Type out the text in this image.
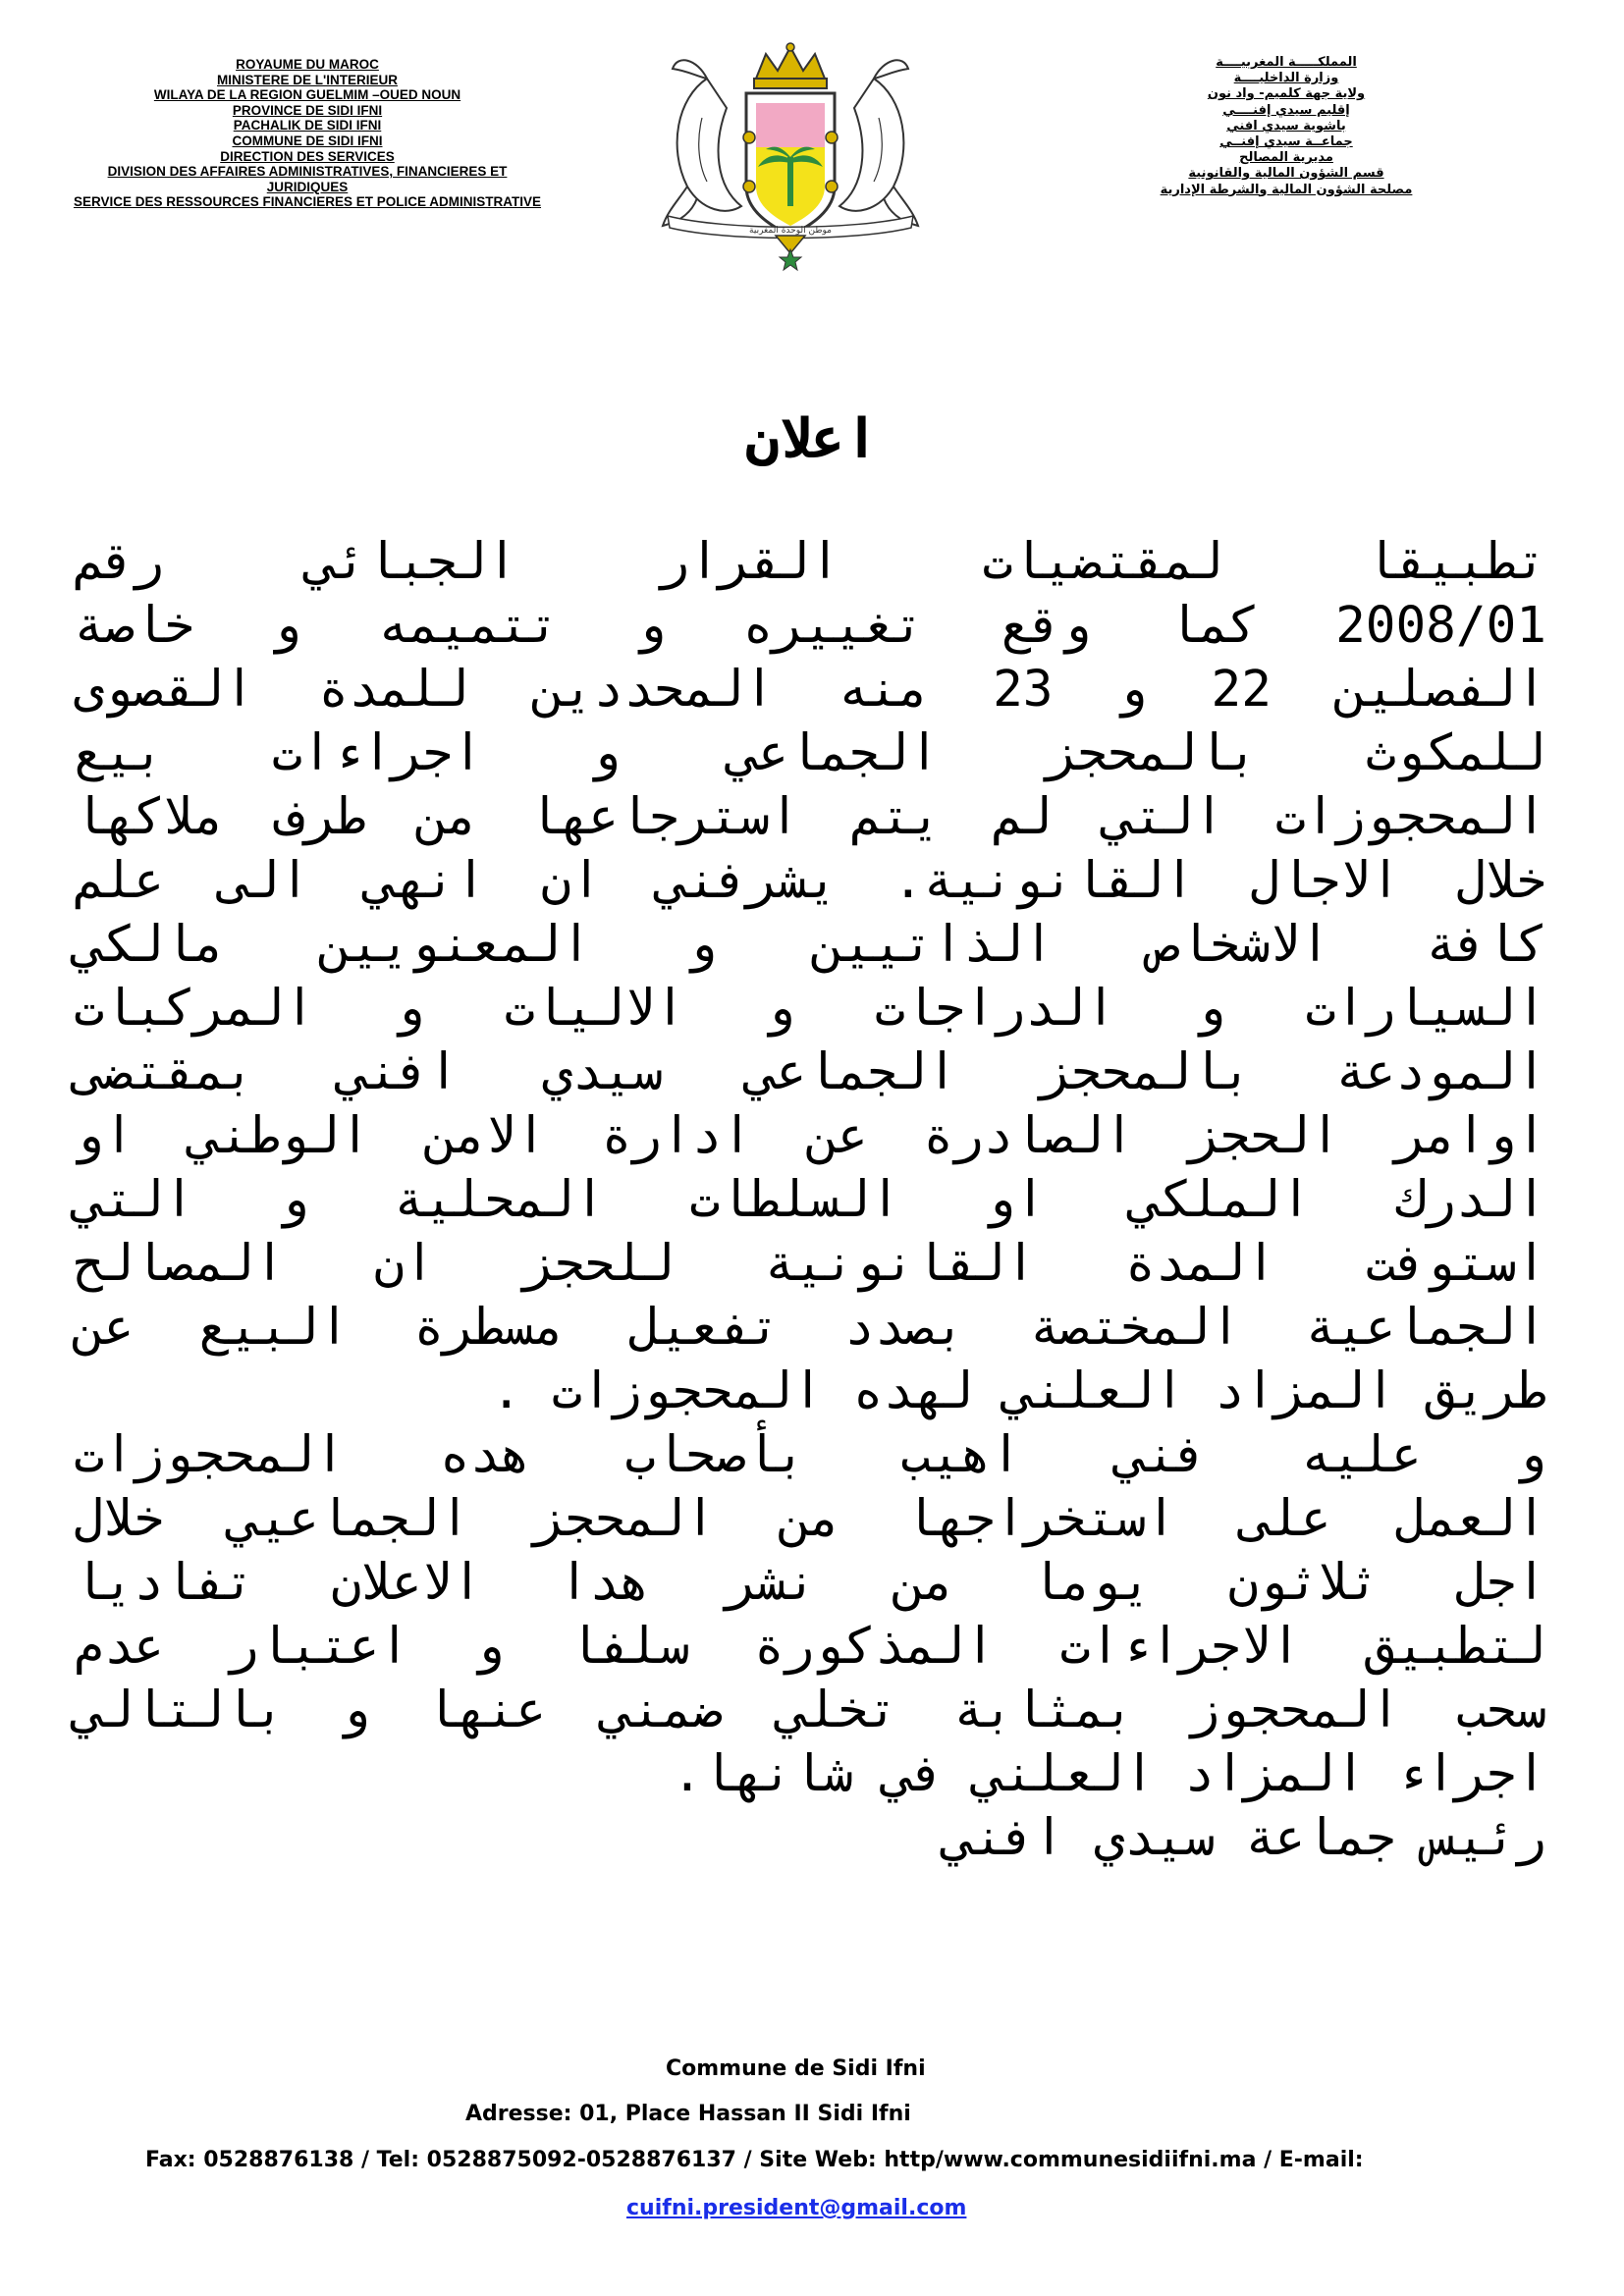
ROYAUME DU MAROC
MINISTERE DE L'INTERIEUR
WILAYA DE LA REGION GUELMIM –OUED NOUN
PROVINCE DE SIDI IFNI
PACHALIK DE SIDI IFNI
COMMUNE DE SIDI IFNI
DIRECTION DES SERVICES
DIVISION DES AFFAIRES ADMINISTRATIVES, FINANCIERES ET
JURIDIQUES
SERVICE DES RESSOURCES FINANCIERES ET POLICE ADMINISTRATIVE
موطن الوحدة المغربية
المملكـــــة المغربيــــة
وزارة الداخليــــة
ولاية جهة كلميم- واد نون
إقليم سيدي إفنــــي
باشوية سيدي افني
جماعــة سيدي إفنــي
مديرية المصالح
قسم الشؤون المالية والقانونية
مصلحة الشؤون المالية والشرطة الإدارية
اعلان
تطبيقا لمقتضيات القرار الجبائي رقم
2008/01 كما وقع تغييره و تتميمه و خاصة
الفصلين 22 و 23 منه المحددين للمدة القصوى
للمكوث بالمحجز الجماعي و اجراءات بيع
المحجوزات التي لم يتم استرجاعها من طرف ملاكها
خلال الاجال القانونية. يشرفني ان انهي الى علم
كافة الاشخاص الذاتيين و المعنويين مالكي
السيارات و الدراجات و الاليات و المركبات
المودعة بالمحجز الجماعي سيدي افني بمقتضى
اوامر الحجز الصادرة عن ادارة الامن الوطني او
الدرك الملكي او السلطات المحلية و التي
استوفت المدة القانونية للحجز ان المصالح
الجماعية المختصة بصدد تفعيل مسطرة البيع عن
طريق المزاد العلني لهده المحجوزات .
و عليه فني اهيب بأصحاب هده المحجوزات
العمل على استخراجها من المحجز الجماعيي خلال
اجل ثلاثون يوما من نشر هدا الاعلان تفاديا
لتطبيق الاجراءات المذكورة سلفا و اعتبار عدم
سحب المحجوز بمثابة تخلي ضمني عنها و بالتالي
اجراء المزاد العلني في شانها.
رئيس جماعة سيدي افني
Commune de Sidi Ifni
Adresse: 01, Place Hassan II Sidi Ifni
Fax: 0528876138 / Tel: 0528875092-0528876137 / Site Web: http/www.communesidiifni.ma / E-mail:
cuifni.president@gmail.com
